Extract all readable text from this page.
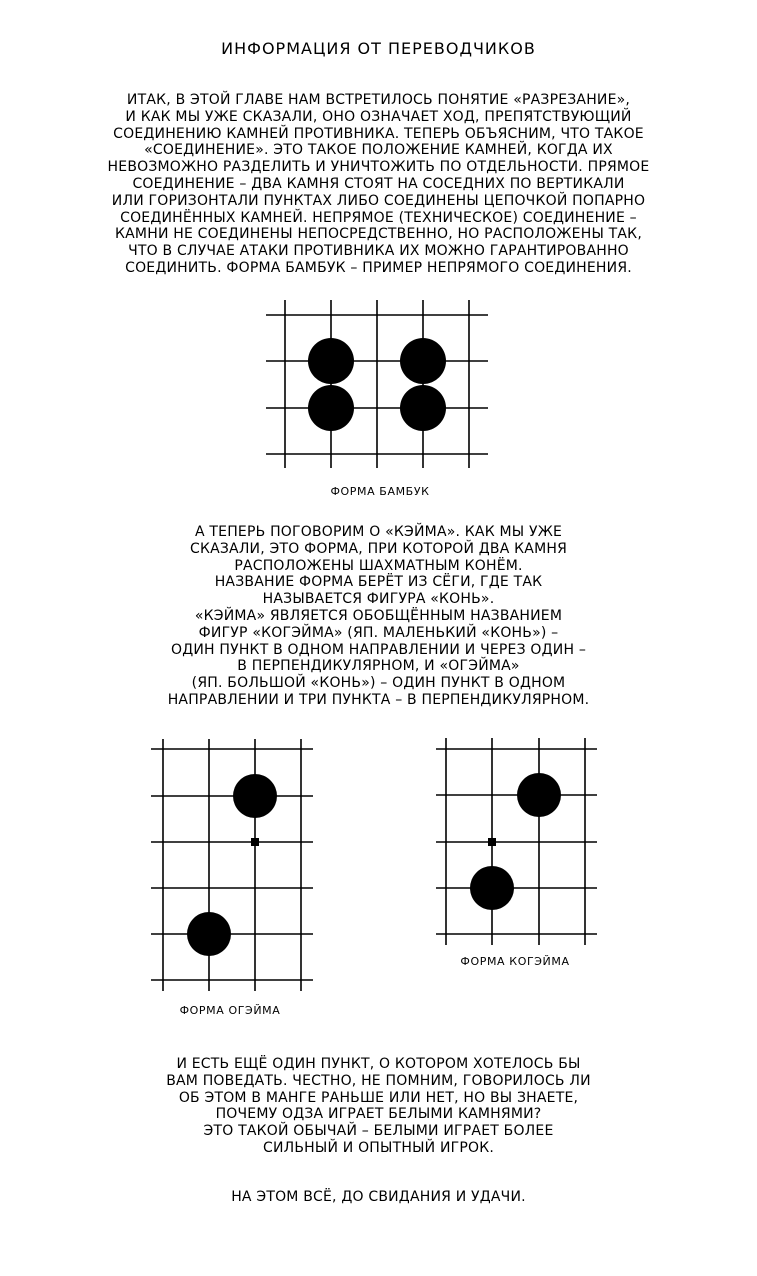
ИНФОРМАЦИЯ ОТ ПЕРЕВОДЧИКОВ
ИТАК, В ЭТОЙ ГЛАВЕ НАМ ВСТРЕТИЛОСЬ ПОНЯТИЕ «РАЗРЕЗАНИЕ»,
И КАК МЫ УЖЕ СКАЗАЛИ, ОНО ОЗНАЧАЕТ ХОД, ПРЕПЯТСТВУЮЩИЙ
СОЕДИНЕНИЮ КАМНЕЙ ПРОТИВНИКА. ТЕПЕРЬ ОБЪЯСНИМ, ЧТО ТАКОЕ
«СОЕДИНЕНИЕ». ЭТО ТАКОЕ ПОЛОЖЕНИЕ КАМНЕЙ, КОГДА ИХ
НЕВОЗМОЖНО РАЗДЕЛИТЬ И УНИЧТОЖИТЬ ПО ОТДЕЛЬНОСТИ. ПРЯМОЕ
СОЕДИНЕНИЕ – ДВА КАМНЯ СТОЯТ НА СОСЕДНИХ ПО ВЕРТИКАЛИ
ИЛИ ГОРИЗОНТАЛИ ПУНКТАХ ЛИБО СОЕДИНЕНЫ ЦЕПОЧКОЙ ПОПАРНО
СОЕДИНЁННЫХ КАМНЕЙ. НЕПРЯМОЕ (ТЕХНИЧЕСКОЕ) СОЕДИНЕНИЕ –
КАМНИ НЕ СОЕДИНЕНЫ НЕПОСРЕДСТВЕННО, НО РАСПОЛОЖЕНЫ ТАК,
ЧТО В СЛУЧАЕ АТАКИ ПРОТИВНИКА ИХ МОЖНО ГАРАНТИРОВАННО
СОЕДИНИТЬ. ФОРМА БАМБУК – ПРИМЕР НЕПРЯМОГО СОЕДИНЕНИЯ.
А ТЕПЕРЬ ПОГОВОРИМ О «КЭЙМА». КАК МЫ УЖЕ
СКАЗАЛИ, ЭТО ФОРМА, ПРИ КОТОРОЙ ДВА КАМНЯ
РАСПОЛОЖЕНЫ ШАХМАТНЫМ КОНЁМ.
НАЗВАНИЕ ФОРМА БЕРЁТ ИЗ СЁГИ, ГДЕ ТАК
НАЗЫВАЕТСЯ ФИГУРА «КОНЬ».
«КЭЙМА» ЯВЛЯЕТСЯ ОБОБЩЁННЫМ НАЗВАНИЕМ
ФИГУР «КОГЭЙМА» (ЯП. МАЛЕНЬКИЙ «КОНЬ») –
ОДИН ПУНКТ В ОДНОМ НАПРАВЛЕНИИ И ЧЕРЕЗ ОДИН –
В ПЕРПЕНДИКУЛЯРНОМ, И «ОГЭЙМА»
(ЯП. БОЛЬШОЙ «КОНЬ») – ОДИН ПУНКТ В ОДНОМ
НАПРАВЛЕНИИ И ТРИ ПУНКТА – В ПЕРПЕНДИКУЛЯРНОМ.
И ЕСТЬ ЕЩЁ ОДИН ПУНКТ, О КОТОРОМ ХОТЕЛОСЬ БЫ
ВАМ ПОВЕДАТЬ. ЧЕСТНО, НЕ ПОМНИМ, ГОВОРИЛОСЬ ЛИ
ОБ ЭТОМ В МАНГЕ РАНЬШЕ ИЛИ НЕТ, НО ВЫ ЗНАЕТЕ,
ПОЧЕМУ ОДЗА ИГРАЕТ БЕЛЫМИ КАМНЯМИ?
ЭТО ТАКОЙ ОБЫЧАЙ – БЕЛЫМИ ИГРАЕТ БОЛЕЕ
СИЛЬНЫЙ И ОПЫТНЫЙ ИГРОК.
НА ЭТОМ ВСЁ, ДО СВИДАНИЯ И УДАЧИ.
ФОРМА БАМБУК
ФОРМА КОГЭЙМА
ФОРМА ОГЭЙМА
